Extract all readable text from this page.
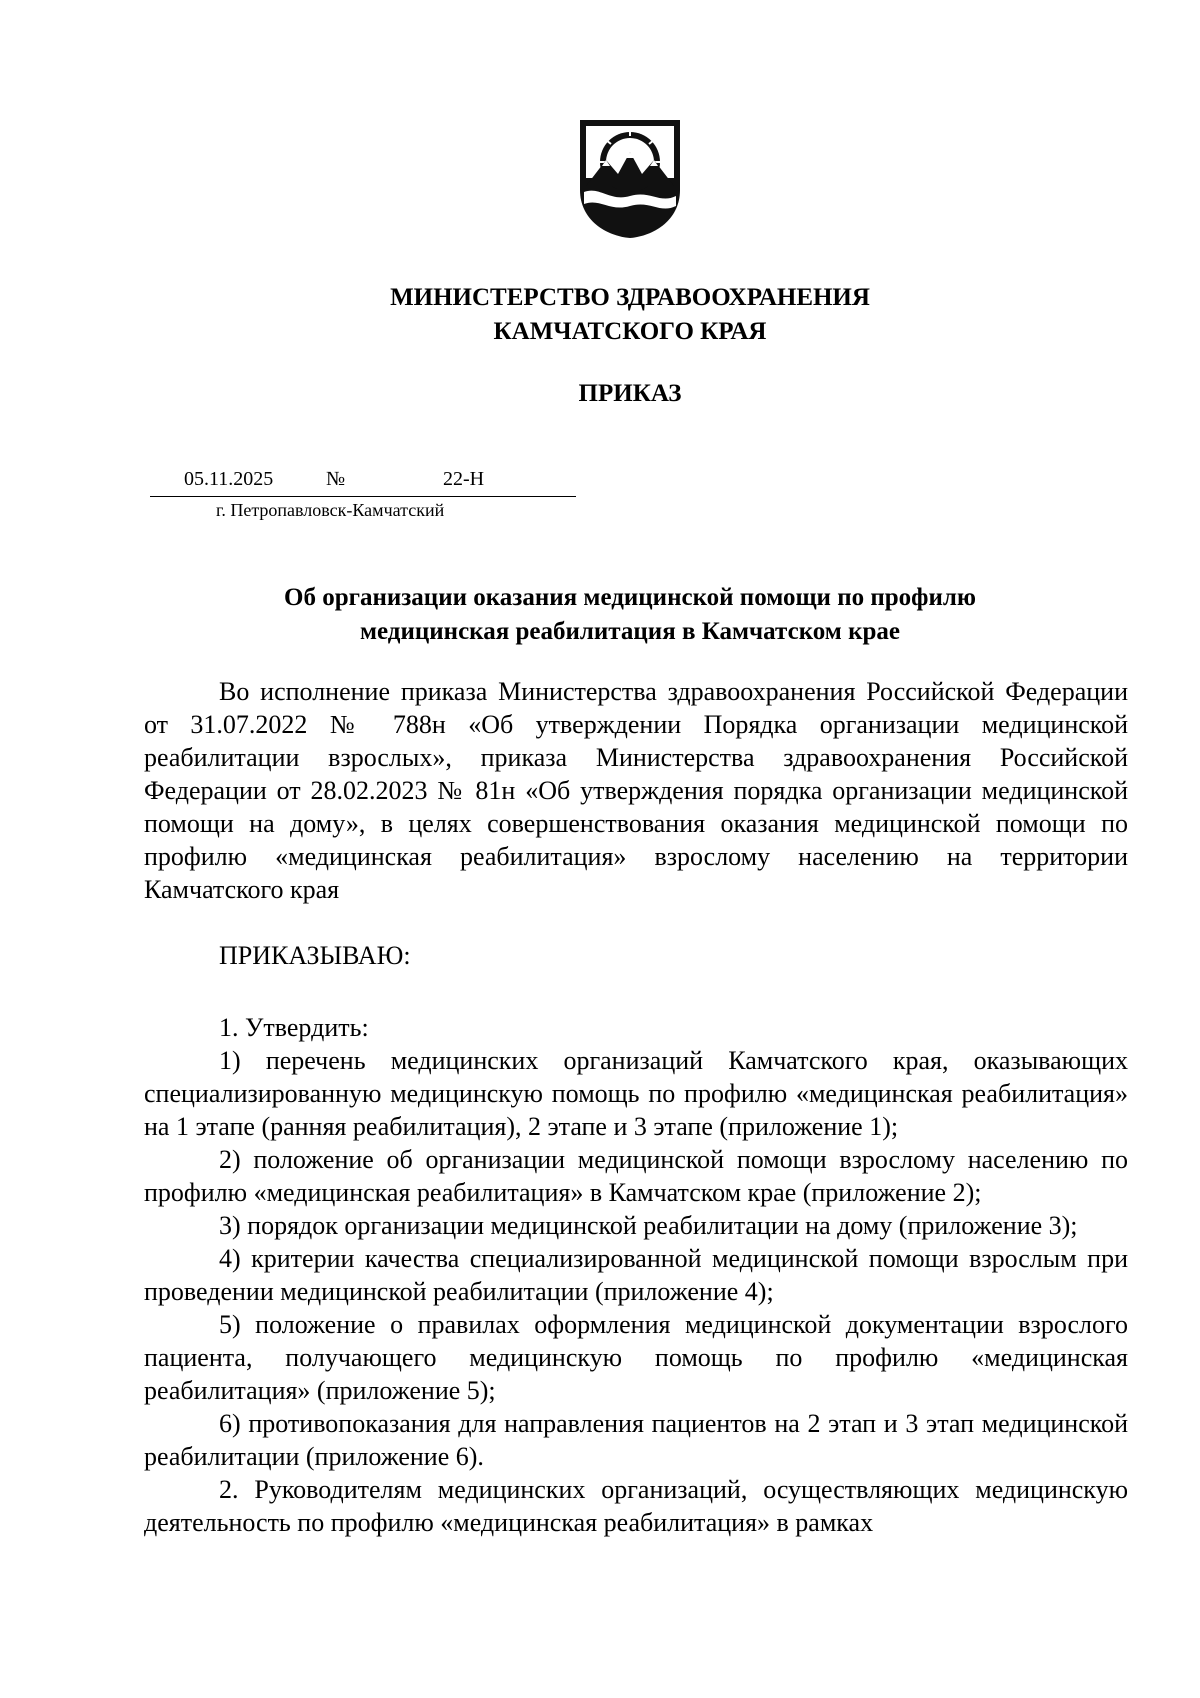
МИНИСТЕРСТВО ЗДРАВООХРАНЕНИЯ
КАМЧАТСКОГО КРАЯ
ПРИКАЗ
05.11.2025	№	22-Н
г. Петропавловск-Камчатский
Об организации оказания медицинской помощи по профилю
медицинская реабилитация в Камчатском крае

Во исполнение приказа Министерства здравоохранения Российской Федерации от 31.07.2022 № 788н «Об утверждении Порядка организации медицинской реабилитации взрослых», приказа Министерства здравоохранения Российской Федерации от 28.02.2023 № 81н «Об утверждения порядка организации медицинской помощи на дому», в целях совершенствования оказания медицинской помощи по профилю «медицинская реабилитация» взрослому населению на территории Камчатского края

ПРИКАЗЫВАЮ:

1. Утвердить:

1) перечень медицинских организаций Камчатского края, оказывающих специализированную медицинскую помощь по профилю «медицинская реабилитация» на 1 этапе (ранняя реабилитация), 2 этапе и 3 этапе (приложение 1);

2) положение об организации медицинской помощи взрослому населению по профилю «медицинская реабилитация» в Камчатском крае (приложение 2);

3) порядок организации медицинской реабилитации на дому (приложение 3);

4) критерии качества специализированной медицинской помощи взрослым при проведении медицинской реабилитации (приложение 4);

5) положение о правилах оформления медицинской документации взрослого пациента, получающего медицинскую помощь по профилю «медицинская реабилитация» (приложение 5);

6) противопоказания для направления пациентов на 2 этап и 3 этап медицинской реабилитации (приложение 6).

2. Руководителям медицинских организаций, осуществляющих медицинскую деятельность по профилю «медицинская реабилитация» в рамках
